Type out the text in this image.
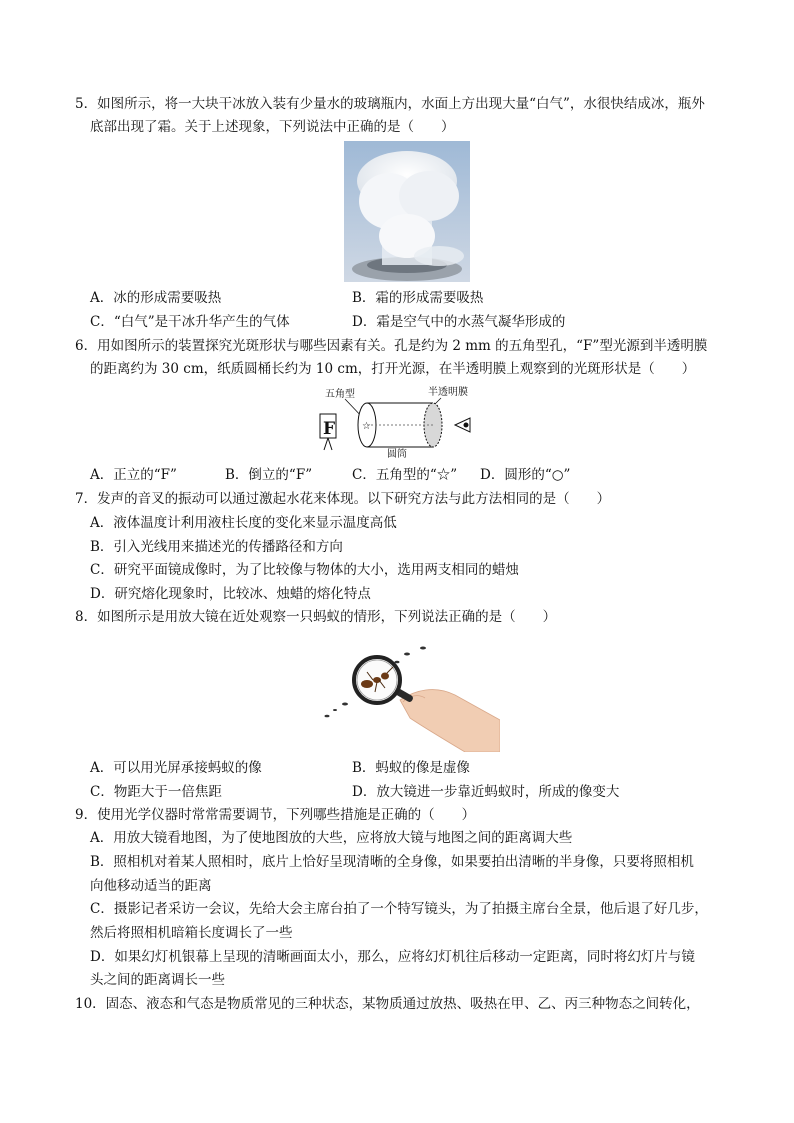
5．如图所示，将一大块干冰放入装有少量水的玻璃瓶内，水面上方出现大量“白气”，水很快结成冰，瓶外
底部出现了霜。关于上述现象，下列说法中正确的是（　　）
A．冰的形成需要吸热	B．霜的形成需要吸热
C．“白气”是干冰升华产生的气体	D．霜是空气中的水蒸气凝华形成的
6．用如图所示的装置探究光斑形状与哪些因素有关。孔是约为 2 mm 的五角型孔，“F”型光源到半透明膜
的距离约为 30 cm，纸质圆桶长约为 10 cm，打开光源，在半透明膜上观察到的光斑形状是（　　）
五角型	半透明膜
F	☆
圆筒
A．正立的“F”	B．倒立的“F”	C．五角型的“☆” D．圆形的“○”
7．发声的音叉的振动可以通过激起水花来体现。以下研究方法与此方法相同的是（　　）
A．液体温度计利用液柱长度的变化来显示温度高低
B．引入光线用来描述光的传播路径和方向
C．研究平面镜成像时，为了比较像与物体的大小，选用两支相同的蜡烛
D．研究熔化现象时，比较冰、烛蜡的熔化特点
8．如图所示是用放大镜在近处观察一只蚂蚁的情形，下列说法正确的是（　　）
A．可以用光屏承接蚂蚁的像	B．蚂蚁的像是虚像
C．物距大于一倍焦距	D．放大镜进一步靠近蚂蚁时，所成的像变大
9．使用光学仪器时常常需要调节，下列哪些措施是正确的（　　）
A．用放大镜看地图，为了使地图放的大些，应将放大镜与地图之间的距离调大些
B．照相机对着某人照相时，底片上恰好呈现清晰的全身像，如果要拍出清晰的半身像，只要将照相机
向他移动适当的距离
C．摄影记者采访一会议，先给大会主席台拍了一个特写镜头，为了拍摄主席台全景，他后退了好几步，
然后将照相机暗箱长度调长了一些
D．如果幻灯机银幕上呈现的清晰画面太小，那么，应将幻灯机往后移动一定距离，同时将幻灯片与镜
头之间的距离调长一些
10．固态、液态和气态是物质常见的三种状态，某物质通过放热、吸热在甲、乙、丙三种物态之间转化，
